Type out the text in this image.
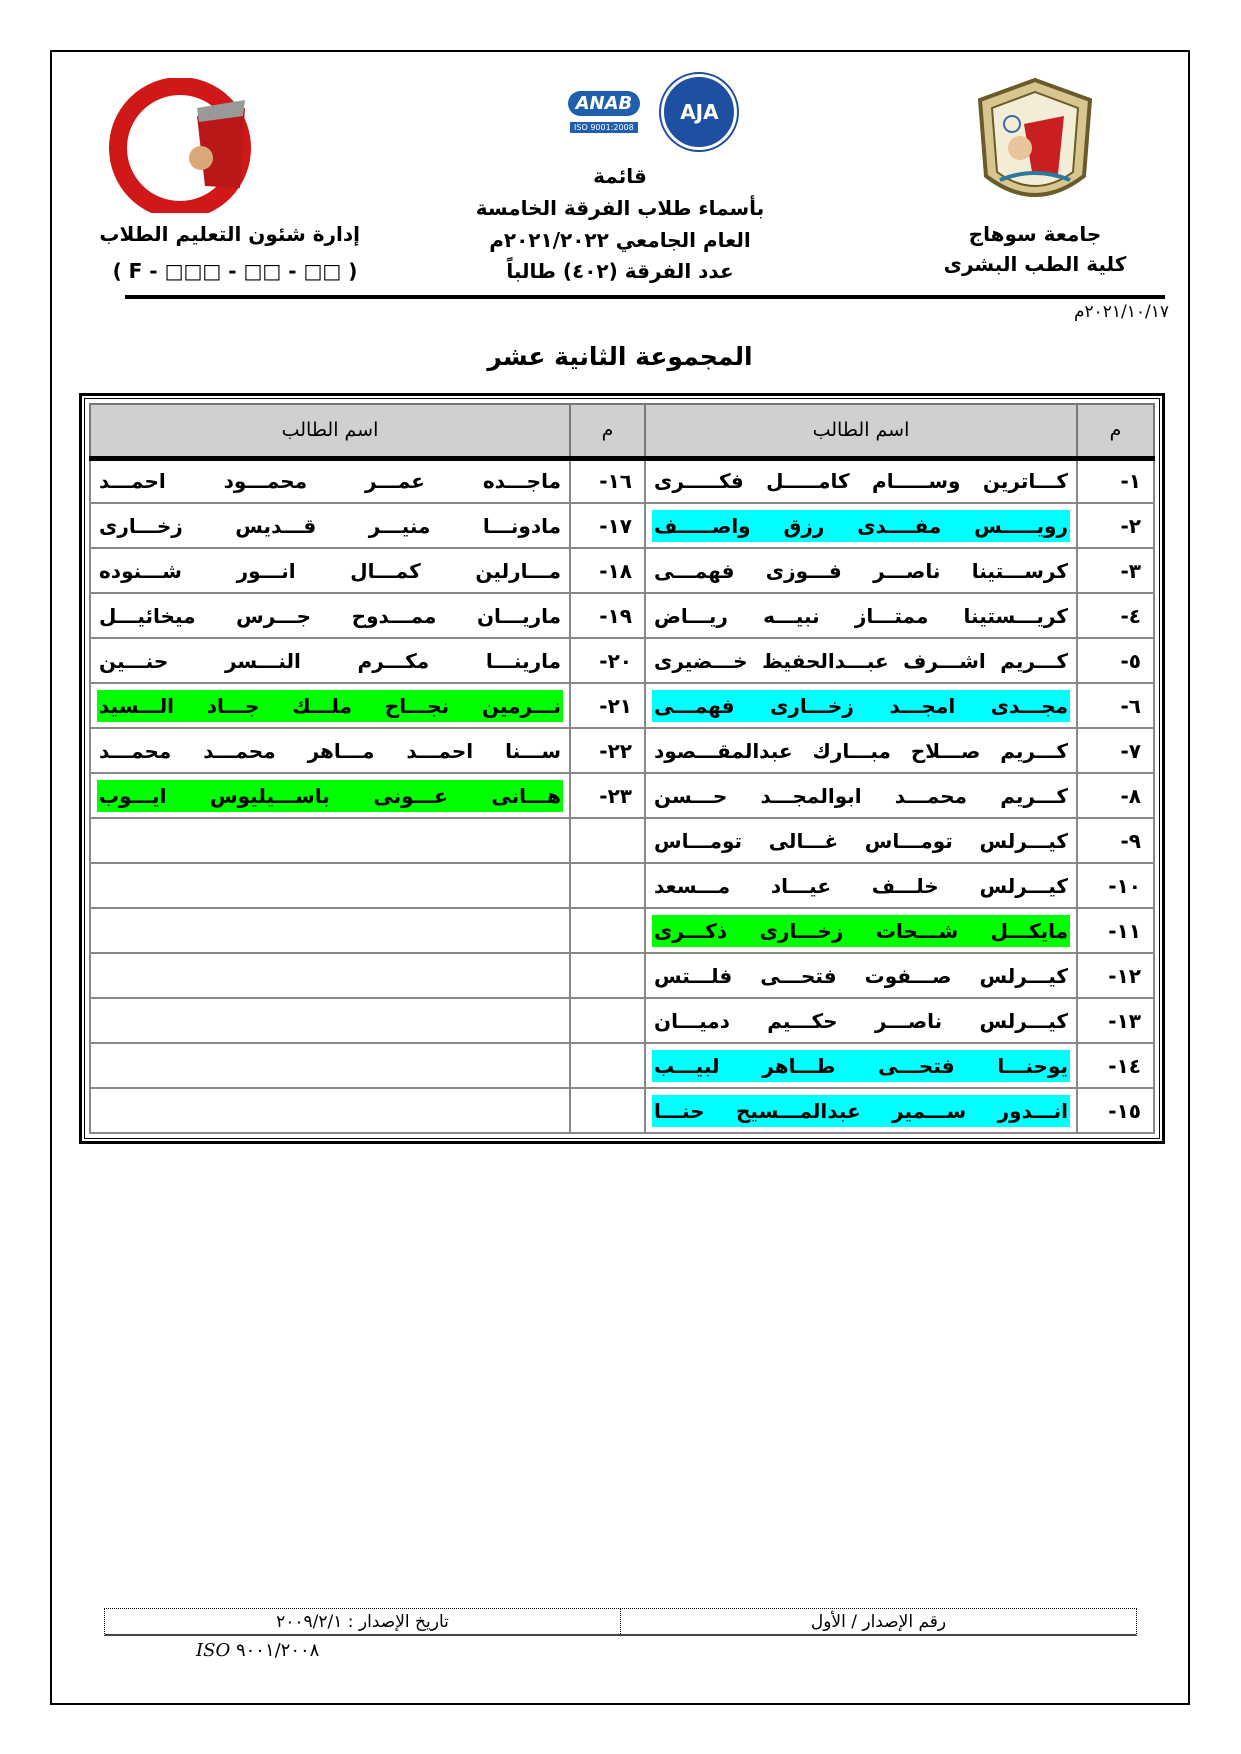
جامعة سوهاج
كلية الطب البشرى
ANAB
ISO 9001:2008
AJA
قائمة
بأسماء طلاب الفرقة الخامسة
العام الجامعي ٢٠٢١/٢٠٢٢م
عدد الفرقة (٤٠٢) طالباً
إدارة شئون التعليم الطلاب
( F - □□□ - □□ - □□ )
٢٠٢١/١٠/١٧م
المجموعة الثانية عشر
م	اسم الطالب	م	اسم الطالب
١-	كـــاترين وســـــام كامـــــل فكـــــرى	١٦-	ماجـــده عمـــر محمـــود احمـــد

٢-	رويـــــس مفــــدى رزق واصـــــف	١٧-	مادونـــا منيـــر قـــديس زخـــارى

٣-	كرســـتينا ناصـــر فـــوزى فهمـــى	١٨-	مـــارلين كمـــال انـــور شـــنوده

٤-	كريـــستينا ممتـــاز نبيـــه ريـــاض	١٩-	ماريـــان ممـــدوح جـــرس ميخائيـــل

٥-	كـــريم اشـــرف عبـــدالحفيظ خـــضيرى	٢٠-	مارينـــا مكـــرم النـــسر حنـــين

٦-	مجـــدى امجـــد زخـــارى فهمـــى	٢١-	نـــرمين نجـــاح ملـــك جـــاد الـــسيد

٧-	كـــريم صـــلاح مبـــارك عبدالمقـــصود	٢٢-	ســـنا احمـــد مـــاهر محمـــد محمـــد

٨-	كـــريم محمـــد ابوالمجـــد حـــسن	٢٣-	هـــانى عـــونى باســـيليوس ايـــوب

٩-	كيـــرلس تومـــاس غـــالى تومـــاس		

١٠-	كيـــرلس خلـــف عيـــاد مـــسعد		

١١-	مايكـــل شـــحات زخـــارى ذكـــرى		

١٢-	كيـــرلس صـــفوت فتحـــى فلـــتس		

١٣-	كيـــرلس ناصـــر حكـــيم دميـــان		

١٤-	يوحنـــا فتحـــى طـــاهر لبيـــب		

١٥-	انـــدور ســـمير عبدالمـــسيح حنـــا		

رقم الإصدار / الأول
تاريخ الإصدار : ٢٠٠٩/٢/١
ISO ٩٠٠١/٢٠٠٨
